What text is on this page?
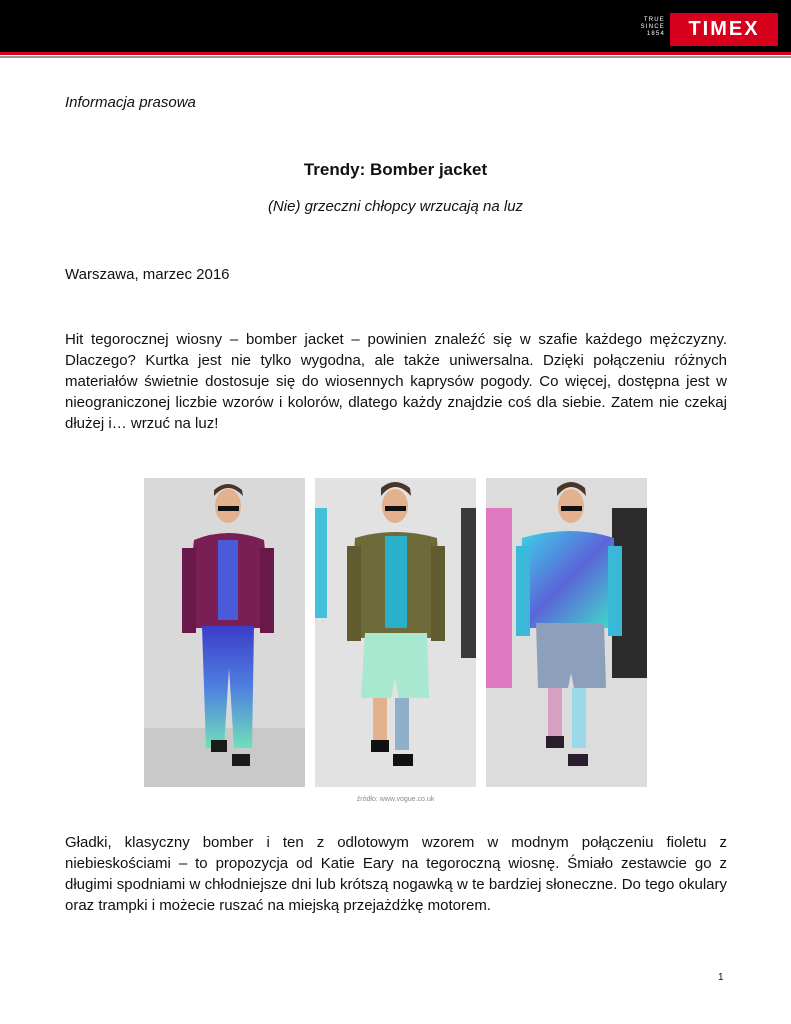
TRUE
SINCE
1854	TIMEX
Informacja prasowa
Trendy: Bomber jacket
(Nie) grzeczni chłopcy wrzucają na luz
Warszawa, marzec 2016
Hit tegorocznej wiosny – bomber jacket – powinien znaleźć się w szafie każdego mężczyzny. Dlaczego? Kurtka jest nie tylko wygodna, ale także uniwersalna. Dzięki połączeniu różnych materiałów świetnie dostosuje się do wiosennych kaprysów pogody. Co więcej, dostępna jest w nieograniczonej liczbie wzorów i kolorów, dlatego każdy znajdzie coś dla siebie. Zatem nie czekaj dłużej i… wrzuć na luz!
źródło: www.vogue.co.uk
Gładki, klasyczny bomber i ten z odlotowym wzorem w modnym połączeniu fioletu z niebieskościami – to propozycja od Katie Eary na tegoroczną wiosnę. Śmiało zestawcie go z długimi spodniami w chłodniejsze dni lub krótszą nogawką w te bardziej słoneczne. Do tego okulary oraz trampki i możecie ruszać na miejską przejażdżkę motorem.
1
